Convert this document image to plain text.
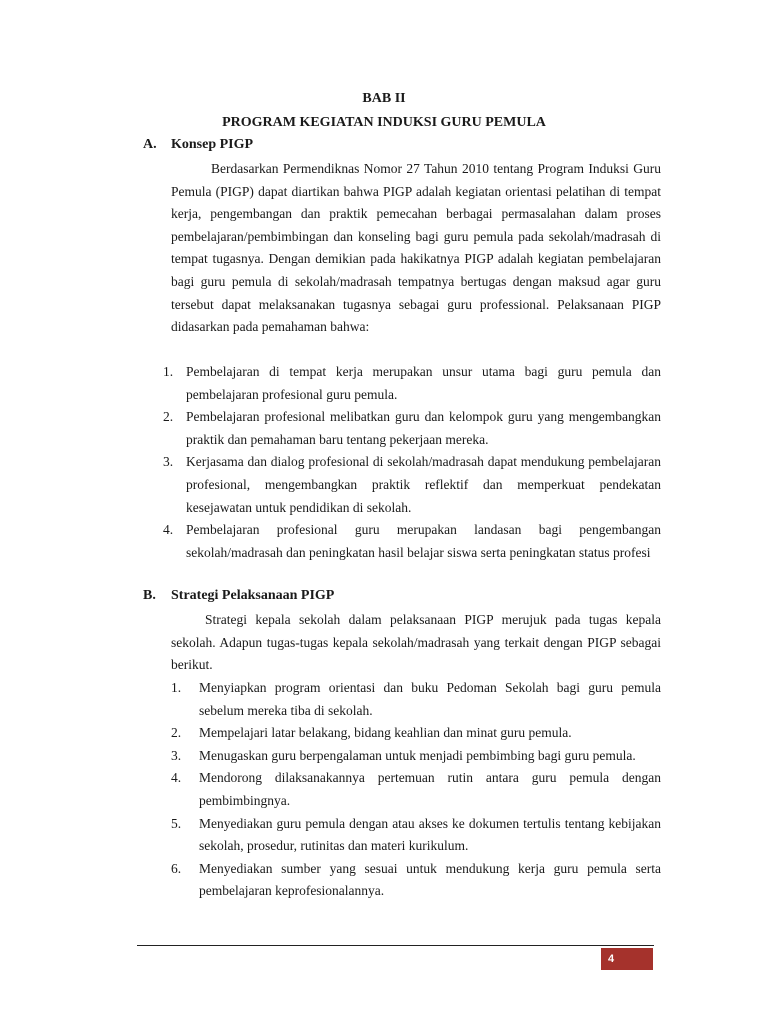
BAB II
PROGRAM KEGIATAN INDUKSI GURU PEMULA
A. Konsep PIGP

Berdasarkan Permendiknas Nomor 27 Tahun 2010 tentang Program Induksi Guru Pemula (PIGP) dapat diartikan bahwa PIGP adalah kegiatan orientasi pelatihan di tempat kerja, pengembangan dan praktik pemecahan berbagai permasalahan dalam proses pembelajaran/pembimbingan dan konseling bagi guru pemula pada sekolah/madrasah di tempat tugasnya. Dengan demikian pada hakikatnya PIGP adalah kegiatan pembelajaran bagi guru pemula di sekolah/madrasah tempatnya bertugas dengan maksud agar guru tersebut dapat melaksanakan tugasnya sebagai guru professional. Pelaksanaan PIGP didasarkan pada pemahaman bahwa:

1. Pembelajaran di tempat kerja merupakan unsur utama bagi guru pemula dan pembelajaran profesional guru pemula.
2. Pembelajaran profesional melibatkan guru dan kelompok guru yang mengembangkan praktik dan pemahaman baru tentang pekerjaan mereka.
3. Kerjasama dan dialog profesional di sekolah/madrasah dapat mendukung pembelajaran profesional, mengembangkan praktik reflektif dan memperkuat pendekatan kesejawatan untuk pendidikan di sekolah.
4. Pembelajaran profesional guru merupakan landasan bagi pengembangan sekolah/madrasah dan peningkatan hasil belajar siswa serta peningkatan status profesi
B. Strategi Pelaksanaan PIGP

Strategi kepala sekolah dalam pelaksanaan PIGP merujuk pada tugas kepala sekolah. Adapun tugas-tugas kepala sekolah/madrasah yang terkait dengan PIGP sebagai berikut.

1. Menyiapkan program orientasi dan buku Pedoman Sekolah bagi guru pemula sebelum mereka tiba di sekolah.
2. Mempelajari latar belakang, bidang keahlian dan minat guru pemula.
3. Menugaskan guru berpengalaman untuk menjadi pembimbing bagi guru pemula.
4. Mendorong dilaksanakannya pertemuan rutin antara guru pemula dengan pembimbingnya.
5. Menyediakan guru pemula dengan atau akses ke dokumen tertulis tentang kebijakan sekolah, prosedur, rutinitas dan materi kurikulum.
6. Menyediakan sumber yang sesuai untuk mendukung kerja guru pemula serta pembelajaran keprofesionalannya.
4
